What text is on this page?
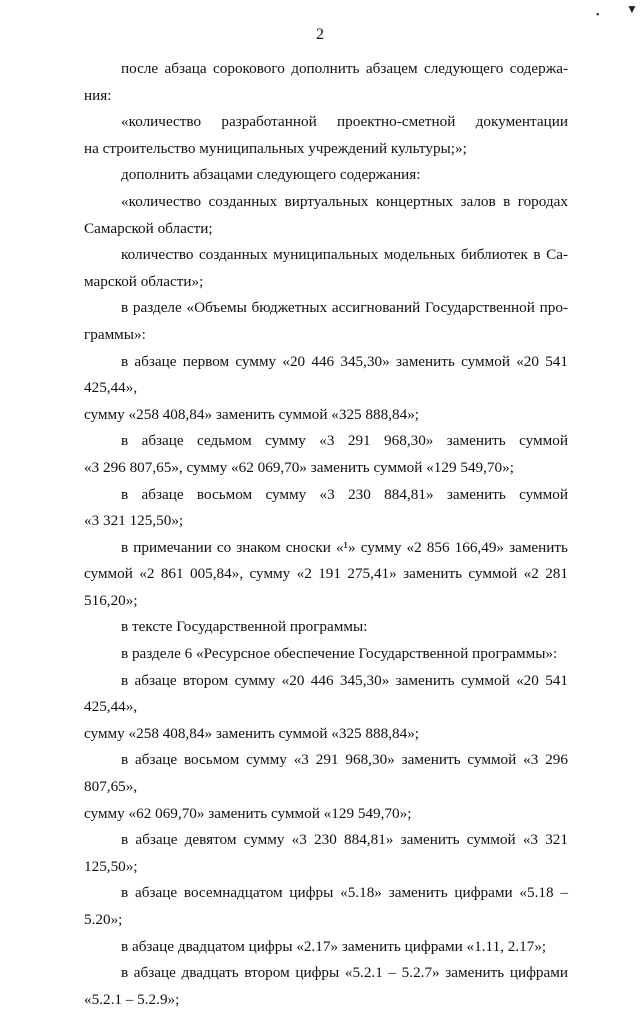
2
• ▼
после абзаца сорокового дополнить абзацем следующего содержа-
ния:
«количество разработанной проектно-сметной документации
на строительство муниципальных учреждений культуры;»;
дополнить абзацами следующего содержания:
«количество созданных виртуальных концертных залов в городах
Самарской области;
количество созданных муниципальных модельных библиотек в Са-
марской области»;
в разделе «Объемы бюджетных ассигнований Государственной про-
граммы»:
в абзаце первом сумму «20 446 345,30» заменить суммой «20 541 425,44»,
сумму «258 408,84» заменить суммой «325 888,84»;
в абзаце седьмом сумму «3 291 968,30» заменить суммой
«3 296 807,65», сумму «62 069,70» заменить суммой «129 549,70»;
в абзаце восьмом сумму «3 230 884,81» заменить суммой
«3 321 125,50»;
в примечании со знаком сноски «¹» сумму «2 856 166,49» заменить
суммой «2 861 005,84», сумму «2 191 275,41» заменить суммой «2 281 516,20»;
в тексте Государственной программы:
в разделе 6 «Ресурсное обеспечение Государственной программы»:
в абзаце втором сумму «20 446 345,30» заменить суммой «20 541 425,44»,
сумму «258 408,84» заменить суммой «325 888,84»;
в абзаце восьмом сумму «3 291 968,30» заменить суммой «3 296 807,65»,
сумму «62 069,70» заменить суммой «129 549,70»;
в абзаце девятом сумму «3 230 884,81» заменить суммой «3 321 125,50»;
в абзаце восемнадцатом цифры «5.18» заменить цифрами «5.18 – 5.20»;
в абзаце двадцатом цифры «2.17» заменить цифрами «1.11, 2.17»;
в абзаце двадцать втором цифры «5.2.1 – 5.2.7» заменить цифрами
«5.2.1 – 5.2.9»;
